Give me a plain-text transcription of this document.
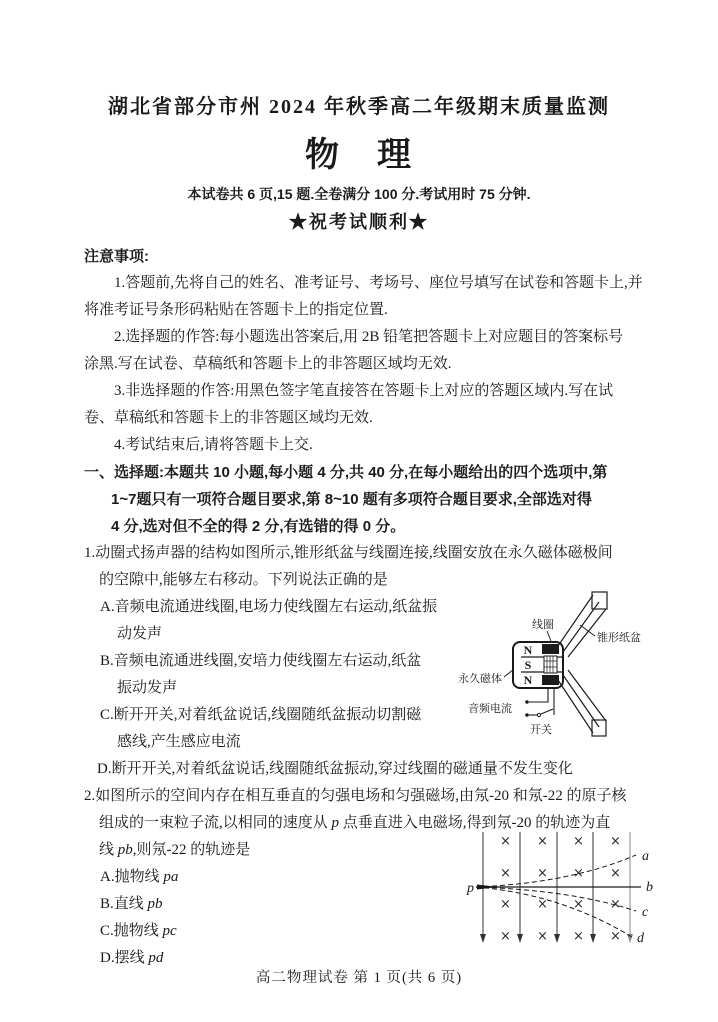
湖北省部分市州 2024 年秋季高二年级期末质量监测
物　理
本试卷共 6 页,15 题.全卷满分 100 分.考试用时 75 分钟.
★祝考试顺利★
注意事项:
1.答题前,先将自己的姓名、准考证号、考场号、座位号填写在试卷和答题卡上,并
将准考证号条形码粘贴在答题卡上的指定位置.
2.选择题的作答:每小题选出答案后,用 2B 铅笔把答题卡上对应题目的答案标号
涂黑.写在试卷、草稿纸和答题卡上的非答题区域均无效.
3.非选择题的作答:用黑色签字笔直接答在答题卡上对应的答题区域内.写在试
卷、草稿纸和答题卡上的非答题区域均无效.
4.考试结束后,请将答题卡上交.
一、选择题:本题共 10 小题,每小题 4 分,共 40 分,在每小题给出的四个选项中,第
1~7题只有一项符合题目要求,第 8~10 题有多项符合题目要求,全部选对得
4 分,选对但不全的得 2 分,有选错的得 0 分。
1.动圈式扬声器的结构如图所示,锥形纸盆与线圈连接,线圈安放在永久磁体磁极间
的空隙中,能够左右移动。下列说法正确的是
A.音频电流通进线圈,电场力使线圈左右运动,纸盆振
动发声
B.音频电流通进线圈,安培力使线圈左右运动,纸盆
振动发声
C.断开开关,对着纸盆说话,线圈随纸盆振动切割磁
感线,产生感应电流
D.断开开关,对着纸盆说话,线圈随纸盆振动,穿过线圈的磁通量不发生变化
2.如图所示的空间内存在相互垂直的匀强电场和匀强磁场,由氖-20 和氖-22 的原子核
组成的一束粒子流,以相同的速度从 p 点垂直进入电磁场,得到氖-20 的轨迹为直
线 pb,则氖-22 的轨迹是
A.抛物线 pa
B.直线 pb
C.抛物线 pc
D.摆线 pd
N
S
N
线圈
锥形纸盆
永久磁体
音频电流
开关
× × × ×
× × × ×
× × × ×
× × × ×
p
a
b
c
d
高二物理试卷 第 1 页(共 6 页)
